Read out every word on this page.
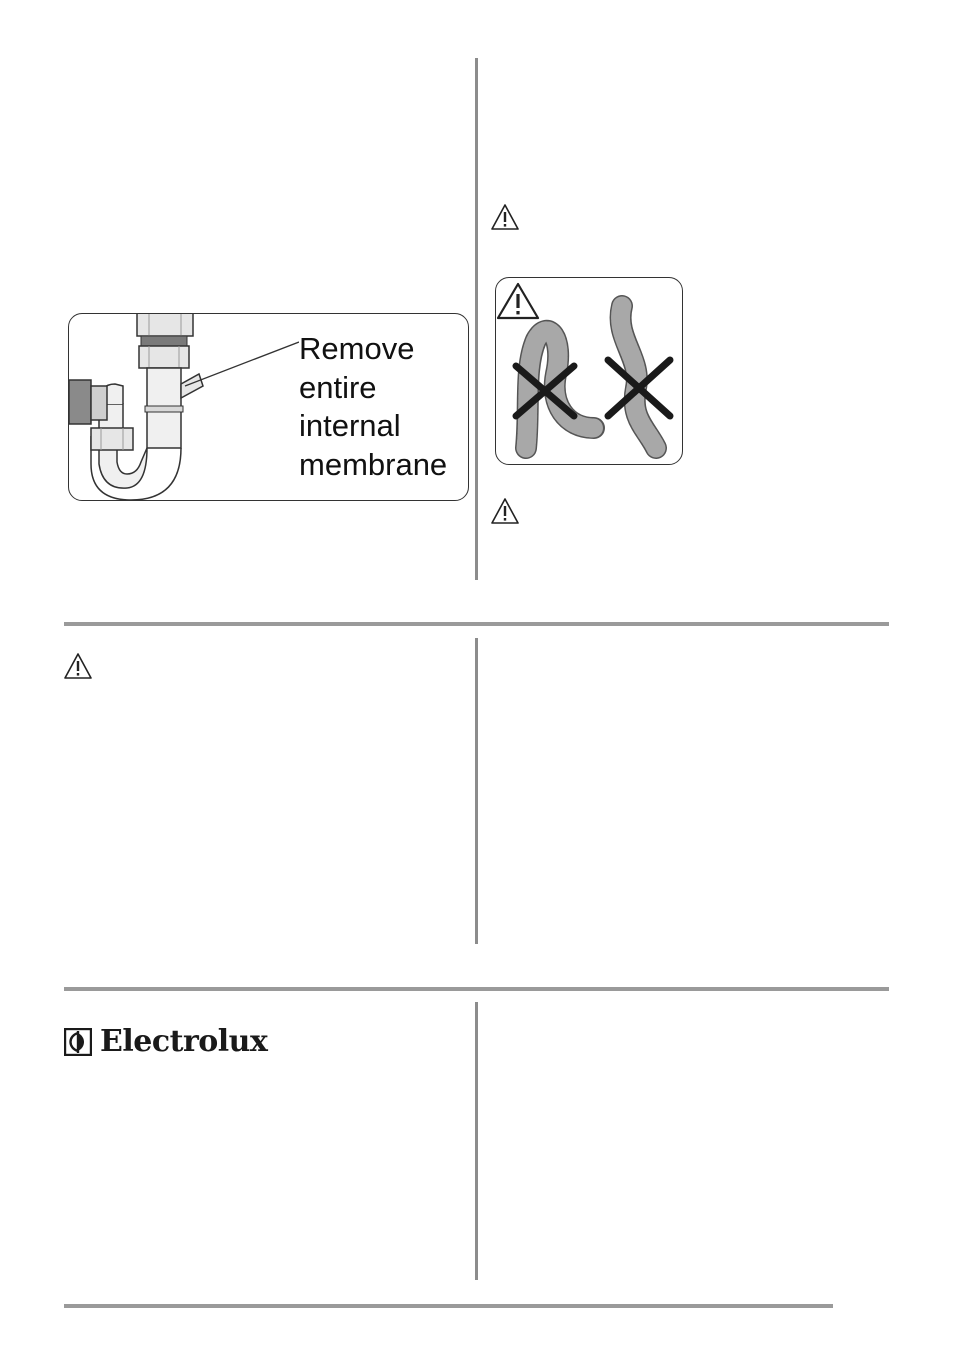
Remove
entire
internal
membrane
Electrolux
